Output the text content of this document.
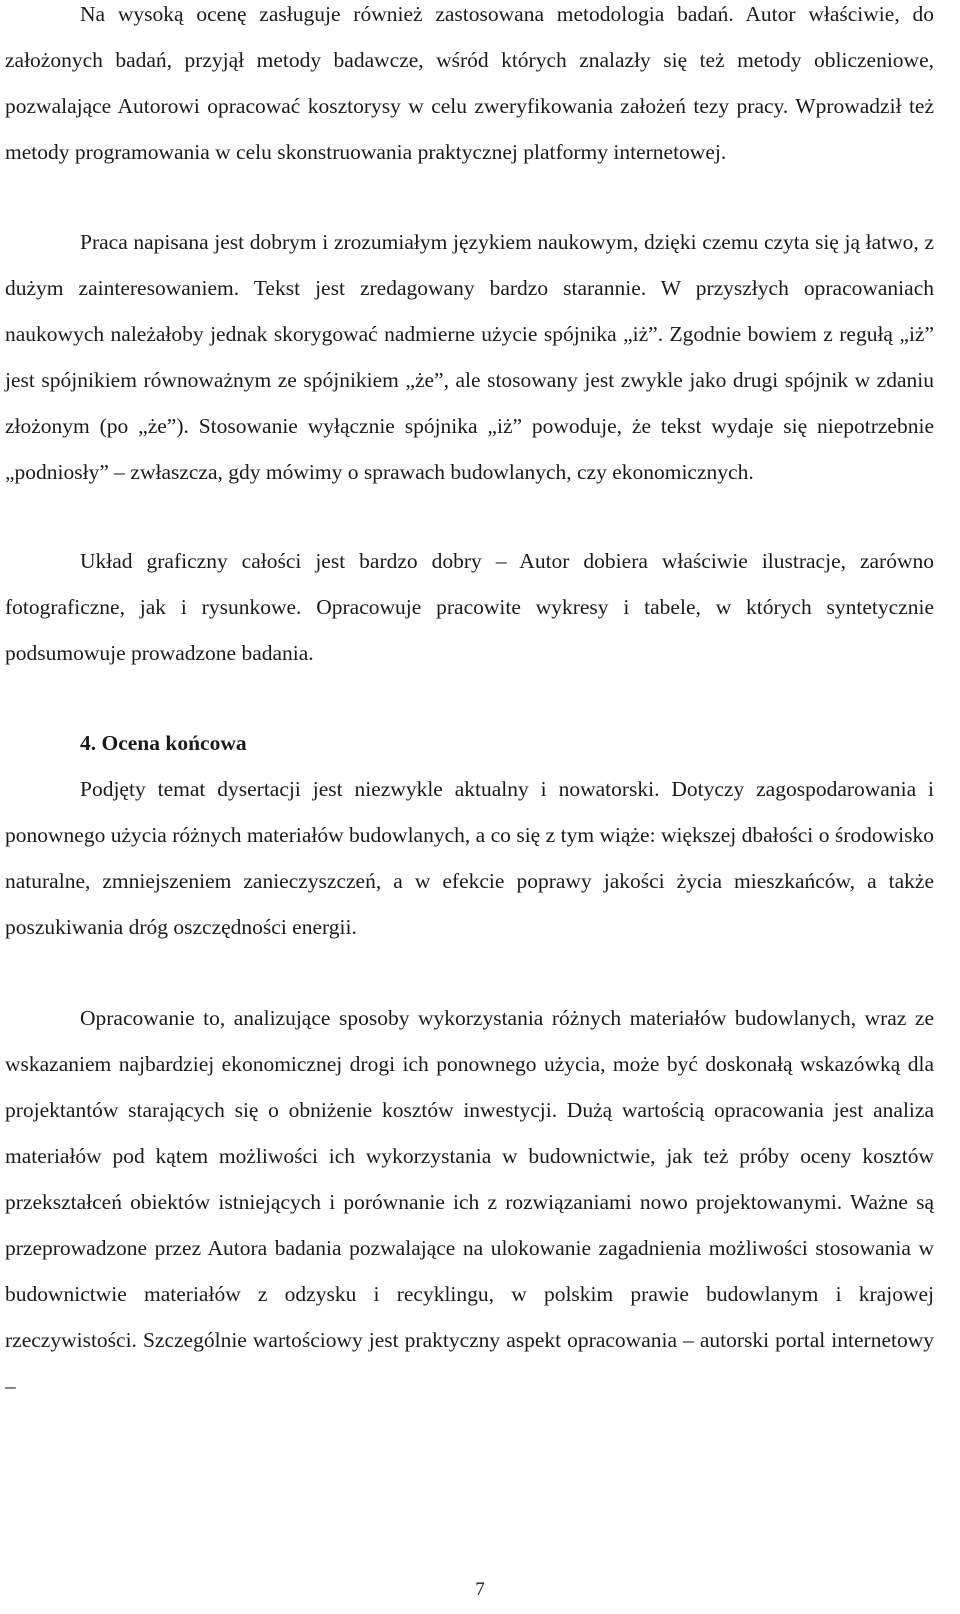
Na wysoką ocenę zasługuje również zastosowana metodologia badań. Autor właściwie, do założonych badań, przyjął metody badawcze, wśród których znalazły się też metody obliczeniowe, pozwalające Autorowi opracować kosztorysy w celu zweryfikowania założeń tezy pracy. Wprowadził też metody programowania w celu skonstruowania praktycznej platformy internetowej.

Praca napisana jest dobrym i zrozumiałym językiem naukowym, dzięki czemu czyta się ją łatwo, z dużym zainteresowaniem. Tekst jest zredagowany bardzo starannie. W przyszłych opracowaniach naukowych należałoby jednak skorygować nadmierne użycie spójnika „iż”. Zgodnie bowiem z regułą „iż” jest spójnikiem równoważnym ze spójnikiem „że”, ale stosowany jest zwykle jako drugi spójnik w zdaniu złożonym (po „że”). Stosowanie wyłącznie spójnika „iż” powoduje, że tekst wydaje się niepotrzebnie „podniosły” – zwłaszcza, gdy mówimy o sprawach budowlanych, czy ekonomicznych.

Układ graficzny całości jest bardzo dobry – Autor dobiera właściwie ilustracje, zarówno fotograficzne, jak i rysunkowe. Opracowuje pracowite wykresy i tabele, w których syntetycznie podsumowuje prowadzone badania.

4. Ocena końcowa

Podjęty temat dysertacji jest niezwykle aktualny i nowatorski. Dotyczy zagospodarowania i ponownego użycia różnych materiałów budowlanych, a co się z tym wiąże: większej dbałości o środowisko naturalne, zmniejszeniem zanieczyszczeń, a w efekcie poprawy jakości życia mieszkańców, a także poszukiwania dróg oszczędności energii.

Opracowanie to, analizujące sposoby wykorzystania różnych materiałów budowlanych, wraz ze wskazaniem najbardziej ekonomicznej drogi ich ponownego użycia, może być doskonałą wskazówką dla projektantów starających się o obniżenie kosztów inwestycji. Dużą wartością opracowania jest analiza materiałów pod kątem możliwości ich wykorzystania w budownictwie, jak też próby oceny kosztów przekształceń obiektów istniejących i porównanie ich z rozwiązaniami nowo projektowanymi. Ważne są przeprowadzone przez Autora badania pozwalające na ulokowanie zagadnienia możliwości stosowania w budownictwie materiałów z odzysku i recyklingu, w polskim prawie budowlanym i krajowej rzeczywistości. Szczególnie wartościowy jest praktyczny aspekt opracowania – autorski portal internetowy –

7
